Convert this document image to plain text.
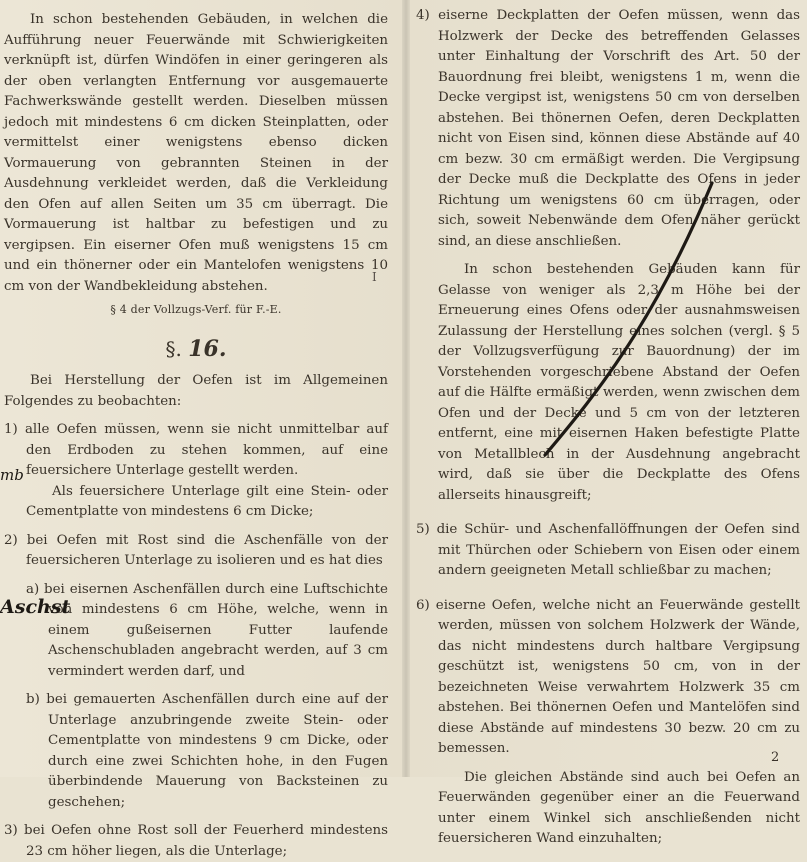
In schon bestehenden Gebäuden, in welchen die Aufführung neuer Feuerwände mit Schwierigkeiten verknüpft ist, dürfen Windöfen in einer geringeren als der oben verlangten Entfernung vor ausgemauerte Fachwerkswände gestellt werden. Dieselben müssen jedoch mit mindestens 6 cm dicken Steinplatten, oder vermittelst einer wenigstens ebenso dicken Vormauerung von gebrannten Steinen in der Ausdehnung verkleidet werden, daß die Verkleidung den Ofen auf allen Seiten um 35 cm überragt. Die Vormauerung ist haltbar zu befestigen und zu vergipsen. Ein eiserner Ofen muß wenigstens 15 cm und ein thönerner oder ein Mantelofen wenigstens 10 cm von der Wandbekleidung abstehen.

§ 4 der Vollzugs-Verf. für F.-E.

§. 16.

Bei Herstellung der Oefen ist im Allgemeinen Folgendes zu beobachten:

1) alle Oefen müssen, wenn sie nicht unmittelbar auf den Erdboden zu stehen kommen, auf eine feuersichere Unterlage gestellt werden.

Als feuersichere Unterlage gilt eine Stein- oder Cementplatte von mindestens 6 cm Dicke;

2) bei Oefen mit Rost sind die Aschenfälle von der feuersicheren Unterlage zu isolieren und es hat dies

a) bei eisernen Aschenfällen durch eine Luftschichte von mindestens 6 cm Höhe, welche, wenn in einem gußeisernen Futter laufende Aschenschubladen angebracht werden, auf 3 cm vermindert werden darf, und

b) bei gemauerten Aschenfällen durch eine auf der Unterlage anzubringende zweite Stein- oder Cementplatte von mindestens 9 cm Dicke, oder durch eine zwei Schichten hohe, in den Fugen überbindende Mauerung von Backsteinen zu geschehen;

3) bei Oefen ohne Rost soll der Feuerherd mindestens 23 cm höher liegen, als die Unterlage;

I
mb
Aschst

4) eiserne Deckplatten der Oefen müssen, wenn das Holzwerk der Decke des betreffenden Gelasses unter Einhaltung der Vorschrift des Art. 50 der Bauordnung frei bleibt, wenigstens 1 m, wenn die Decke vergipst ist, wenigstens 50 cm von derselben abstehen. Bei thönernen Oefen, deren Deckplatten nicht von Eisen sind, können diese Abstände auf 40 cm bezw. 30 cm ermäßigt werden. Die Vergipsung der Decke muß die Deckplatte des Ofens in jeder Richtung um wenigstens 60 cm überragen, oder sich, soweit Nebenwände dem Ofen näher gerückt sind, an diese anschließen.

In schon bestehenden Gebäuden kann für Gelasse von weniger als 2,3 m Höhe bei der Erneuerung eines Ofens oder der ausnahmsweisen Zulassung der Herstellung eines solchen (vergl. § 5 der Vollzugsverfügung zur Bauordnung) der im Vorstehenden vorgeschriebene Abstand der Oefen auf die Hälfte ermäßigt werden, wenn zwischen dem Ofen und der Decke und 5 cm von der letzteren entfernt, eine mit eisernen Haken befestigte Platte von Metallblech in der Ausdehnung angebracht wird, daß sie über die Deckplatte des Ofens allerseits hinausgreift;

5) die Schür- und Aschenfallöffnungen der Oefen sind mit Thürchen oder Schiebern von Eisen oder einem andern geeigneten Metall schließbar zu machen;

6) eiserne Oefen, welche nicht an Feuerwände gestellt werden, müssen von solchem Holzwerk der Wände, das nicht mindestens durch haltbare Vergipsung geschützt ist, wenigstens 50 cm, von in der bezeichneten Weise verwahrtem Holzwerk 35 cm abstehen. Bei thönernen Oefen und Mantelöfen sind diese Abstände auf mindestens 30 bezw. 20 cm zu bemessen.

Die gleichen Abstände sind auch bei Oefen an Feuerwänden gegenüber einer an die Feuerwand unter einem Winkel sich anschließenden nicht feuersicheren Wand einzuhalten;

2
